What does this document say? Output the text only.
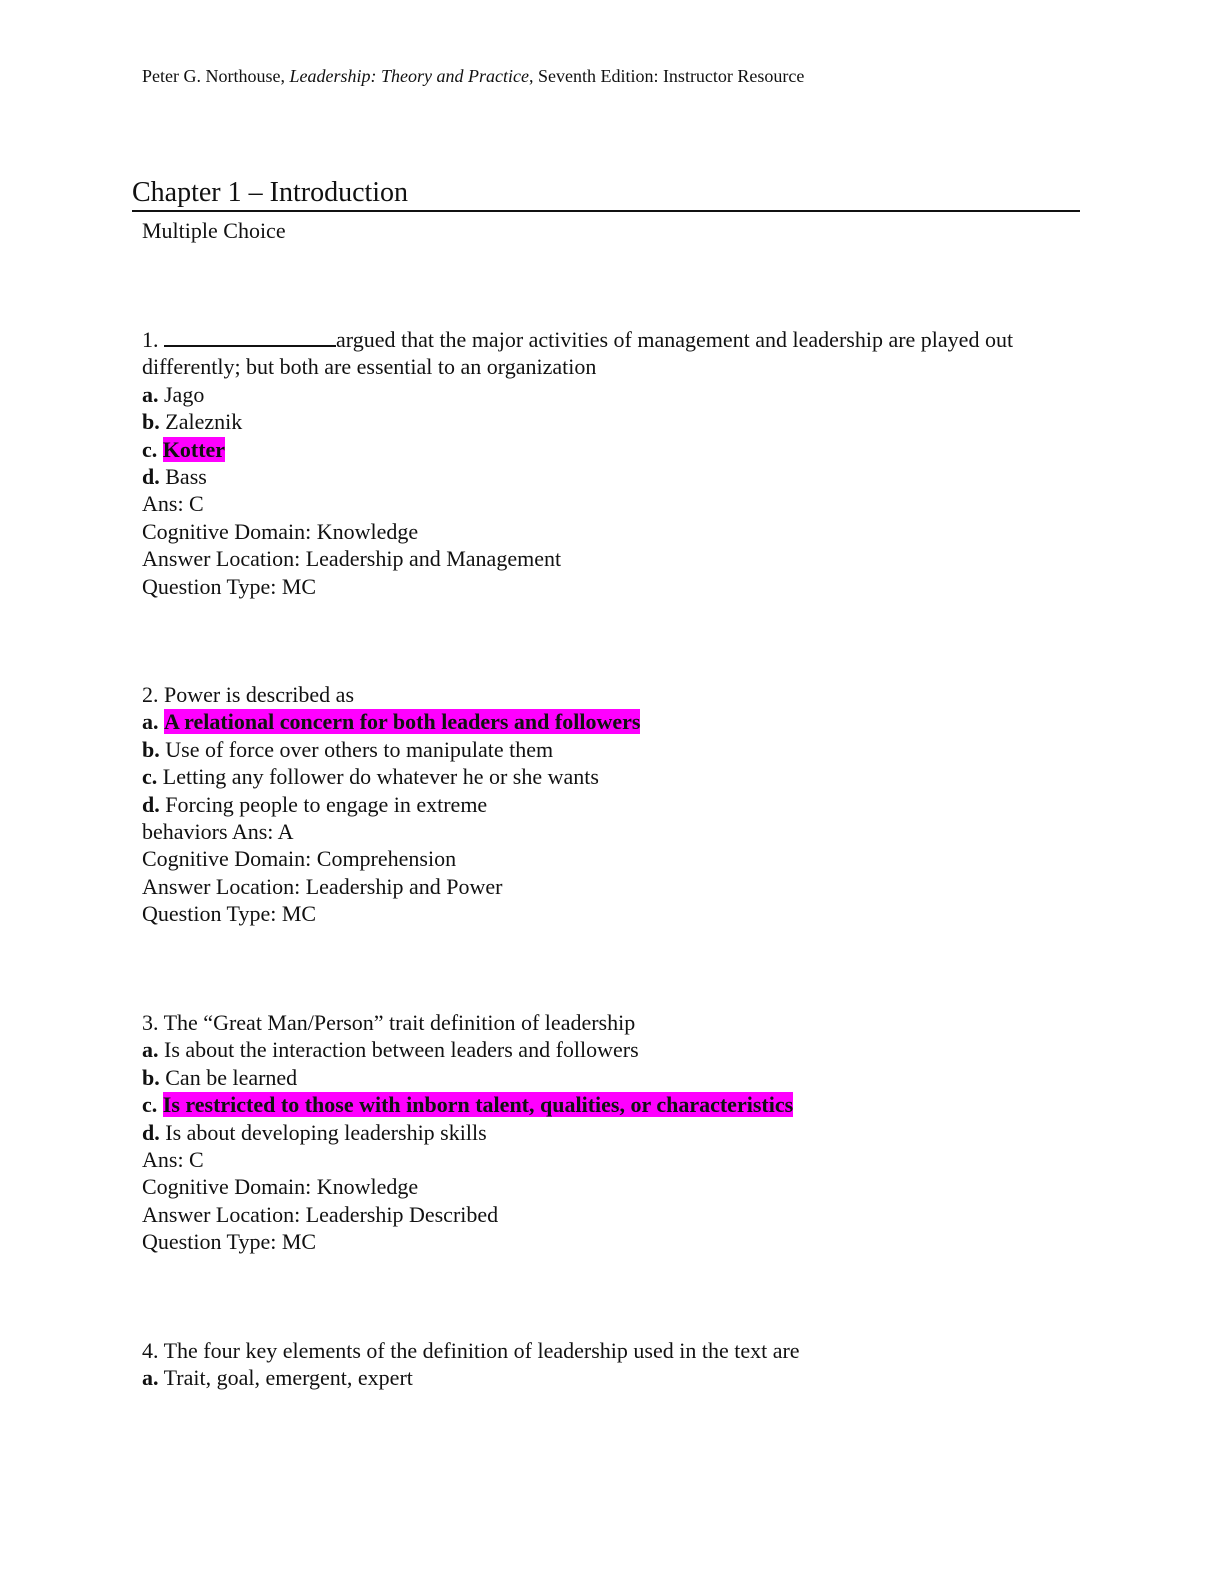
Peter G. Northouse, Leadership: Theory and Practice, Seventh Edition: Instructor Resource
Chapter 1 – Introduction
Multiple Choice
1.	argued that the major activities of management and leadership are played out differently; but both are essential to an organization
a. Jago
b. Zaleznik
c. Kotter
d. Bass
Ans: C
Cognitive Domain: Knowledge
Answer Location: Leadership and Management
Question Type: MC
2. Power is described as
a. A relational concern for both leaders and followers
b. Use of force over others to manipulate them
c. Letting any follower do whatever he or she wants
d. Forcing people to engage in extreme
behaviors Ans: A
Cognitive Domain: Comprehension
Answer Location: Leadership and Power
Question Type: MC
3. The “Great Man/Person” trait definition of leadership
a. Is about the interaction between leaders and followers
b. Can be learned
c. Is restricted to those with inborn talent, qualities, or characteristics
d. Is about developing leadership skills
Ans: C
Cognitive Domain: Knowledge
Answer Location: Leadership Described
Question Type: MC
4. The four key elements of the definition of leadership used in the text are
a. Trait, goal, emergent, expert
